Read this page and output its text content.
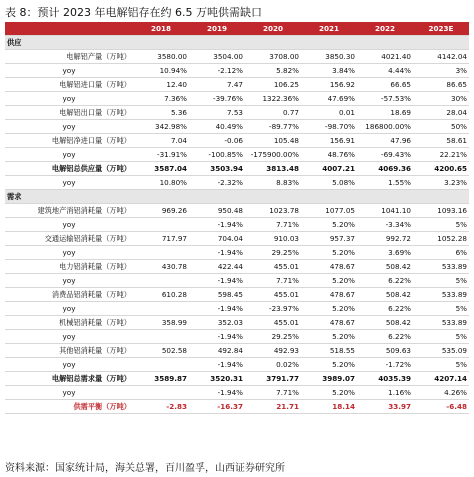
表 8：预计 2023 年电解铝存在约 6.5 万吨供需缺口
	2018	2019	2020	2021	2022	2023E
供应						
电解铝产量（万吨）	3580.00	3504.00	3708.00	3850.30	4021.40	4142.04
yoy	10.94%	-2.12%	5.82%	3.84%	4.44%	3%
电解铝进口量（万吨）	12.40	7.47	106.25	156.92	66.65	86.65
yoy	7.36%	-39.76%	1322.36%	47.69%	-57.53%	30%
电解铝出口量（万吨）	5.36	7.53	0.77	0.01	18.69	28.04
yoy	342.98%	40.49%	-89.77%	-98.70%	186800.00%	50%
电解铝净进口量（万吨）	7.04	-0.06	105.48	156.91	47.96	58.61
yoy	-31.91%	-100.85%	-175900.00%	48.76%	-69.43%	22.21%
电解铝总供应量（万吨）	3587.04	3503.94	3813.48	4007.21	4069.36	4200.65
yoy	10.80%	-2.32%	8.83%	5.08%	1.55%	3.23%
需求						
建筑地产消铝消耗量（万吨）	969.26	950.48	1023.78	1077.05	1041.10	1093.16
yoy		-1.94%	7.71%	5.20%	-3.34%	5%
交通运输铝消耗量（万吨）	717.97	704.04	910.03	957.37	992.72	1052.28
yoy		-1.94%	29.25%	5.20%	3.69%	6%
电力铝消耗量（万吨）	430.78	422.44	455.01	478.67	508.42	533.89
yoy		-1.94%	7.71%	5.20%	6.22%	5%
消费品铝消耗量（万吨）	610.28	598.45	455.01	478.67	508.42	533.89
yoy		-1.94%	-23.97%	5.20%	6.22%	5%
机械铝消耗量（万吨）	358.99	352.03	455.01	478.67	508.42	533.89
yoy		-1.94%	29.25%	5.20%	6.22%	5%
其他铝消耗量（万吨）	502.58	492.84	492.93	518.55	509.63	535.09
yoy		-1.94%	0.02%	5.20%	-1.72%	5%
电解铝总需求量（万吨）	3589.87	3520.31	3791.77	3989.07	4035.39	4207.14
yoy		-1.94%	7.71%	5.20%	1.16%	4.26%
供需平衡（万吨）	-2.83	-16.37	21.71	18.14	33.97	-6.48
资料来源：国家统计局，海关总署，百川盈孚，山西证券研究所
